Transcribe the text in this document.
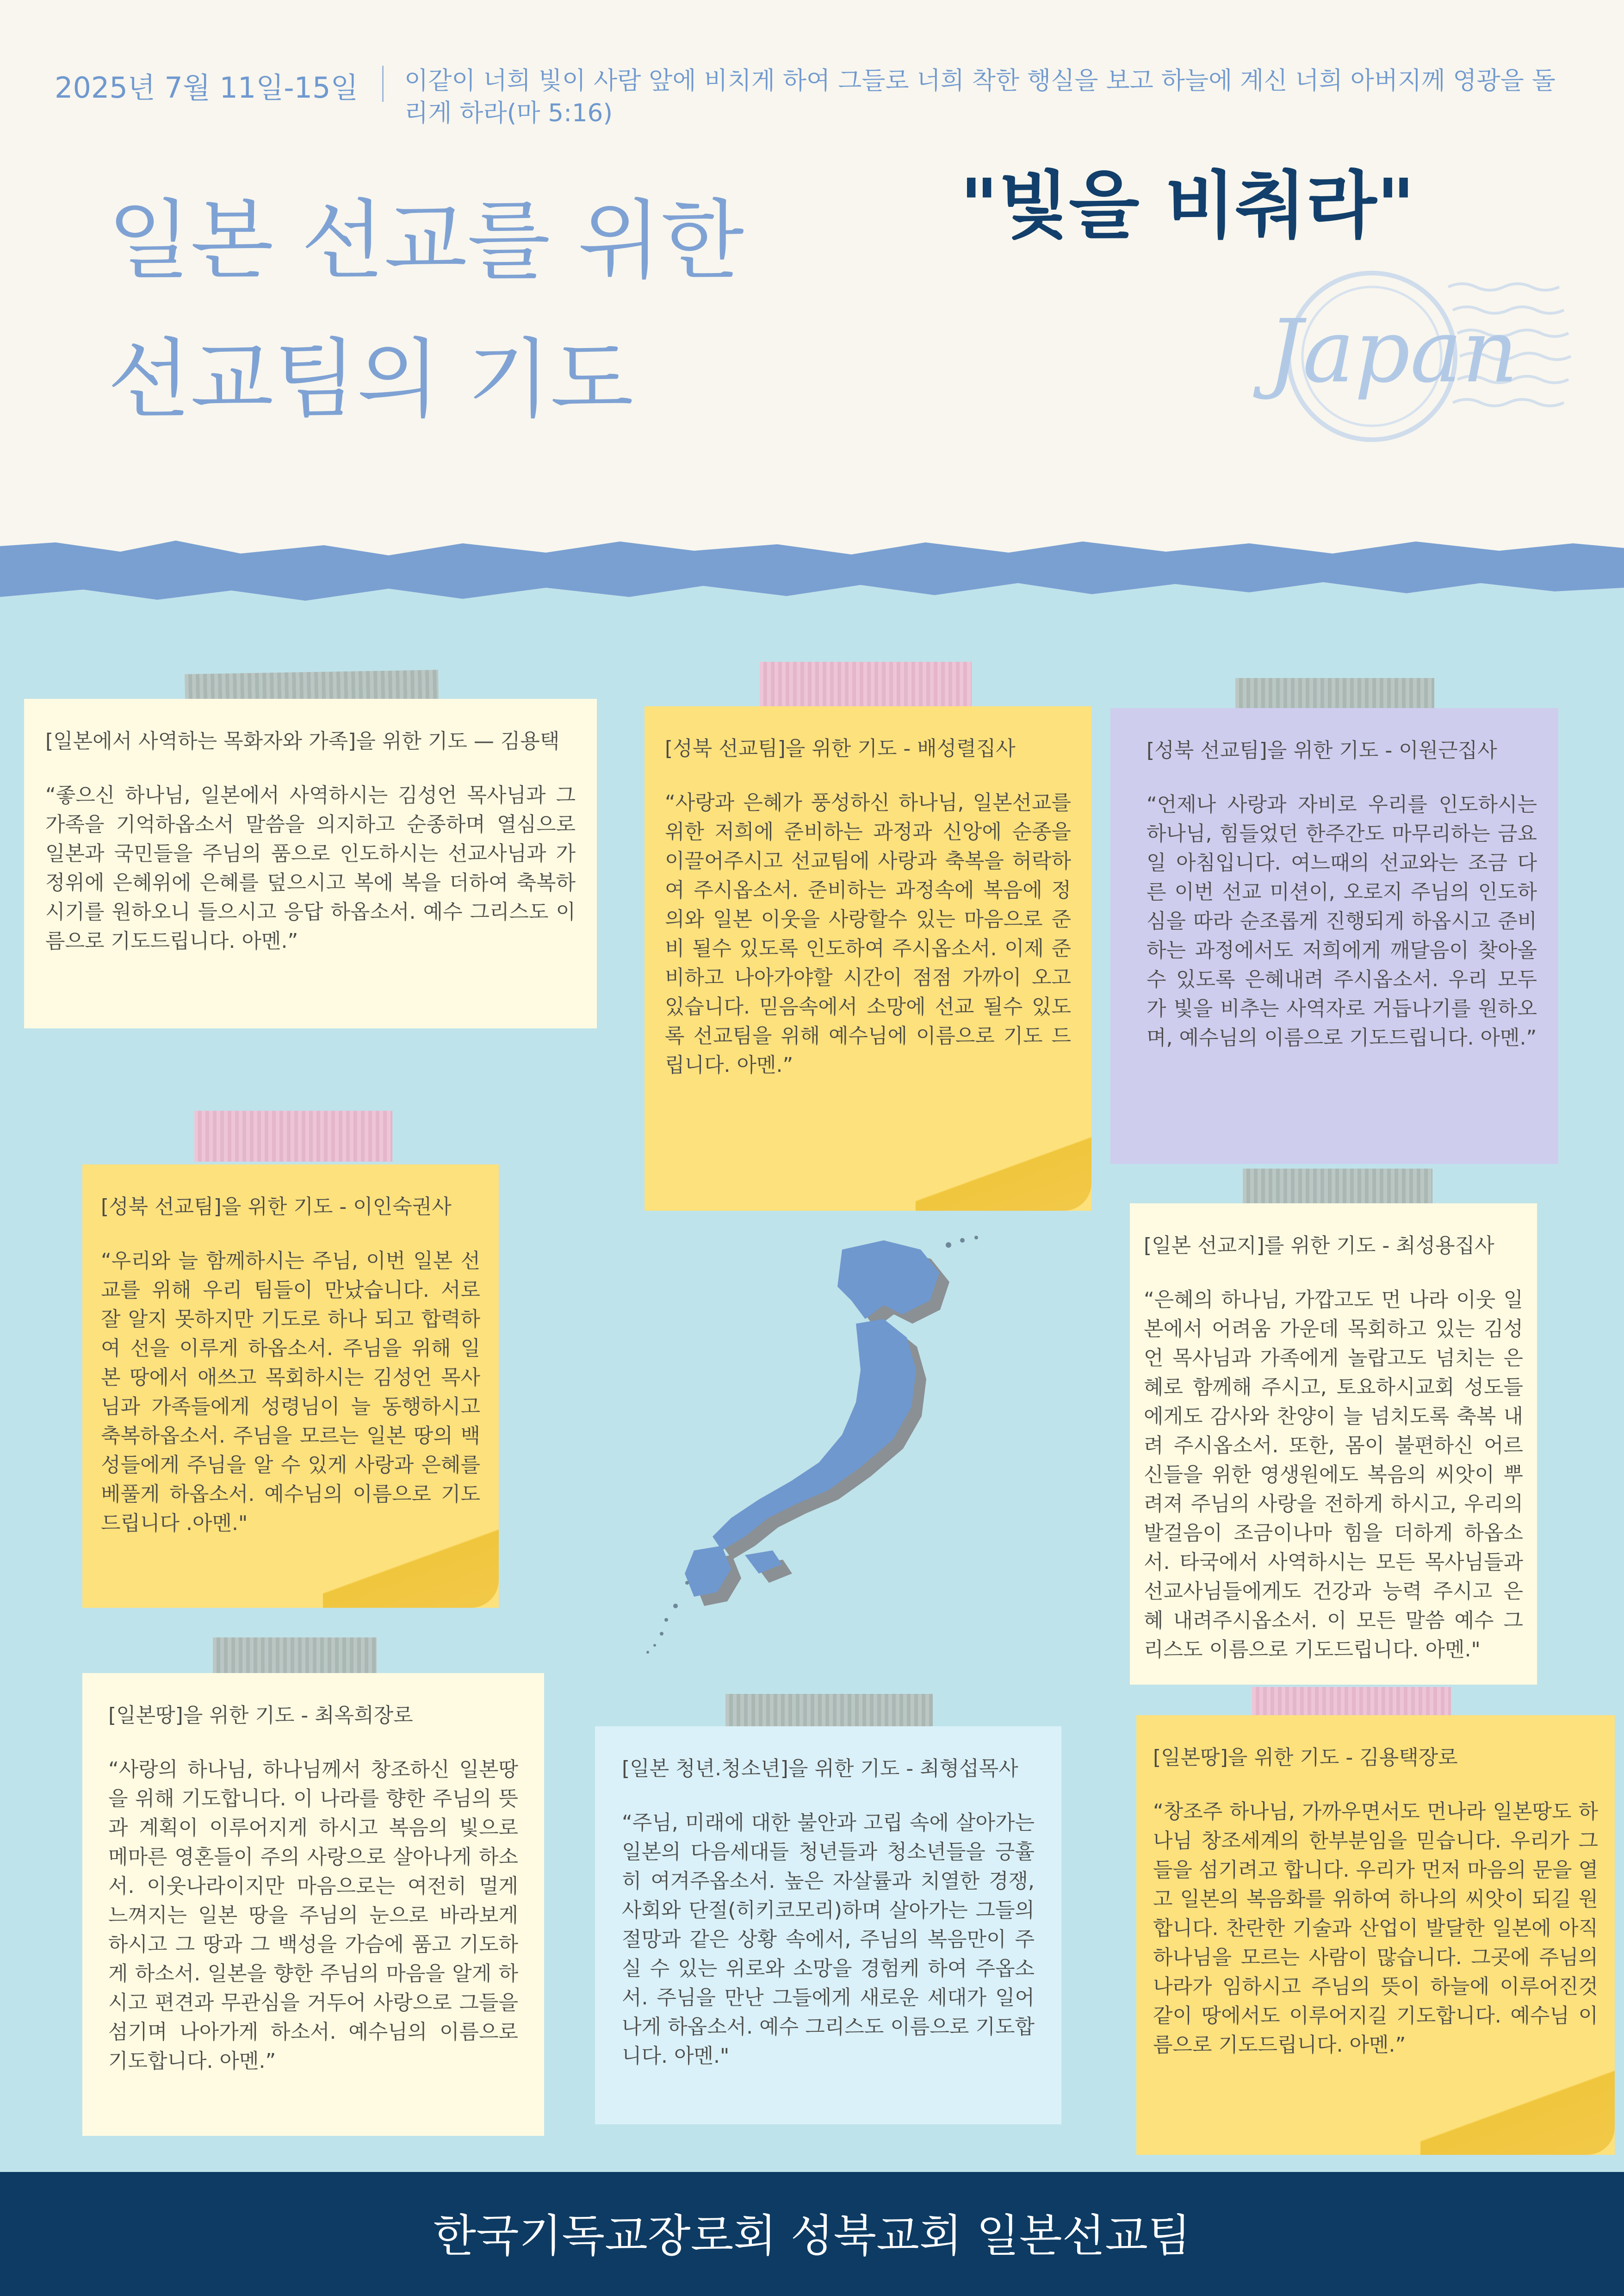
2025년 7월 11일-15일 이같이 너희 빛이 사람 앞에 비치게 하여 그들로 너희 착한 행실을 보고 하늘에 계신 너희 아버지께 영광을 돌리게 하라(마 5:16)
일본 선교를 위한
선교팀의 기도
"빛을 비춰라"
Japan
[일본에서 사역하는 목화자와 가족]을 위한 기도 — 김용택
“좋으신 하나님, 일본에서 사역하시는 김성언 목사님과 그 가족을 기억하옵소서 말씀을 의지하고 순종하며 열심으로 일본과 국민들을 주님의 품으로 인도하시는 선교사님과 가정위에 은혜위에 은혜를 덮으시고 복에 복을 더하여 축복하시기를 원하오니 들으시고 응답 하옵소서. 예수 그리스도 이름으로 기도드립니다. 아멘.”
[성북 선교팀]을 위한 기도 - 배성렬집사
“사랑과 은혜가 풍성하신 하나님, 일본선교를 위한 저희에 준비하는 과정과 신앙에 순종을 이끌어주시고 선교팀에 사랑과 축복을 허락하여 주시옵소서. 준비하는 과정속에 복음에 정의와 일본 이웃을 사랑할수 있는 마음으로 준비 될수 있도록 인도하여 주시옵소서. 이제 준비하고 나아가야할 시간이 점점 가까이 오고 있습니다. 믿음속에서 소망에 선교 될수 있도록 선교팀을 위해 예수님에 이름으로 기도 드립니다. 아멘.”
[성북 선교팀]을 위한 기도 - 이원근집사
“언제나 사랑과 자비로 우리를 인도하시는 하나님, 힘들었던 한주간도 마무리하는 금요일 아침입니다. 여느때의 선교와는 조금 다른 이번 선교 미션이, 오로지 주님의 인도하심을 따라 순조롭게 진행되게 하옵시고 준비하는 과정에서도 저희에게 깨달음이 찾아올 수 있도록 은혜내려 주시옵소서. 우리 모두가 빛을 비추는 사역자로 거듭나기를 원하오며, 예수님의 이름으로 기도드립니다. 아멘.”
[성북 선교팀]을 위한 기도 - 이인숙권사
“우리와 늘 함께하시는 주님, 이번 일본 선교를 위해 우리 팀들이 만났습니다. 서로 잘 알지 못하지만 기도로 하나 되고 합력하여 선을 이루게 하옵소서. 주님을 위해 일본 땅에서 애쓰고 목회하시는 김성언 목사님과 가족들에게 성령님이 늘 동행하시고 축복하옵소서. 주님을 모르는 일본 땅의 백성들에게 주님을 알 수 있게 사랑과 은혜를 베풀게 하옵소서. 예수님의 이름으로 기도드립니다 .아멘."
[일본 선교지]를 위한 기도 - 최성용집사
“은혜의 하나님, 가깝고도 먼 나라 이웃 일본에서 어려움 가운데 목회하고 있는 김성언 목사님과 가족에게 놀랍고도 넘치는 은혜로 함께해 주시고, 토요하시교회 성도들에게도 감사와 찬양이 늘 넘치도록 축복 내려 주시옵소서. 또한, 몸이 불편하신 어르신들을 위한 영생원에도 복음의 씨앗이 뿌려져 주님의 사랑을 전하게 하시고, 우리의 발걸음이 조금이나마 힘을 더하게 하옵소서. 타국에서 사역하시는 모든 목사님들과 선교사님들에게도 건강과 능력 주시고 은혜 내려주시옵소서. 이 모든 말씀 예수 그리스도 이름으로 기도드립니다. 아멘."
[일본땅]을 위한 기도 - 최옥희장로
“사랑의 하나님, 하나님께서 창조하신 일본땅을 위해 기도합니다. 이 나라를 향한 주님의 뜻과 계획이 이루어지게 하시고 복음의 빛으로 메마른 영혼들이 주의 사랑으로 살아나게 하소서. 이웃나라이지만 마음으로는 여전히 멀게 느껴지는 일본 땅을 주님의 눈으로 바라보게 하시고 그 땅과 그 백성을 가슴에 품고 기도하게 하소서. 일본을 향한 주님의 마음을 알게 하시고 편견과 무관심을 거두어 사랑으로 그들을 섬기며 나아가게 하소서. 예수님의 이름으로 기도합니다. 아멘.”
[일본 청년.청소년]을 위한 기도 - 최형섭목사
“주님, 미래에 대한 불안과 고립 속에 살아가는 일본의 다음세대들 청년들과 청소년들을 긍휼히 여겨주옵소서. 높은 자살률과 치열한 경쟁, 사회와 단절(히키코모리)하며 살아가는 그들의 절망과 같은 상황 속에서, 주님의 복음만이 주실 수 있는 위로와 소망을 경험케 하여 주옵소서. 주님을 만난 그들에게 새로운 세대가 일어나게 하옵소서. 예수 그리스도 이름으로 기도합니다. 아멘."
[일본땅]을 위한 기도 - 김용택장로
“창조주 하나님, 가까우면서도 먼나라 일본땅도 하나님 창조세계의 한부분임을 믿습니다. 우리가 그들을 섬기려고 합니다. 우리가 먼저 마음의 문을 열고 일본의 복음화를 위하여 하나의 씨앗이 되길 원합니다. 찬란한 기술과 산업이 발달한 일본에 아직 하나님을 모르는 사람이 많습니다. 그곳에 주님의 나라가 임하시고 주님의 뜻이 하늘에 이루어진것 같이 땅에서도 이루어지길 기도합니다. 예수님 이름으로 기도드립니다. 아멘.”
한국기독교장로회 성북교회 일본선교팀
